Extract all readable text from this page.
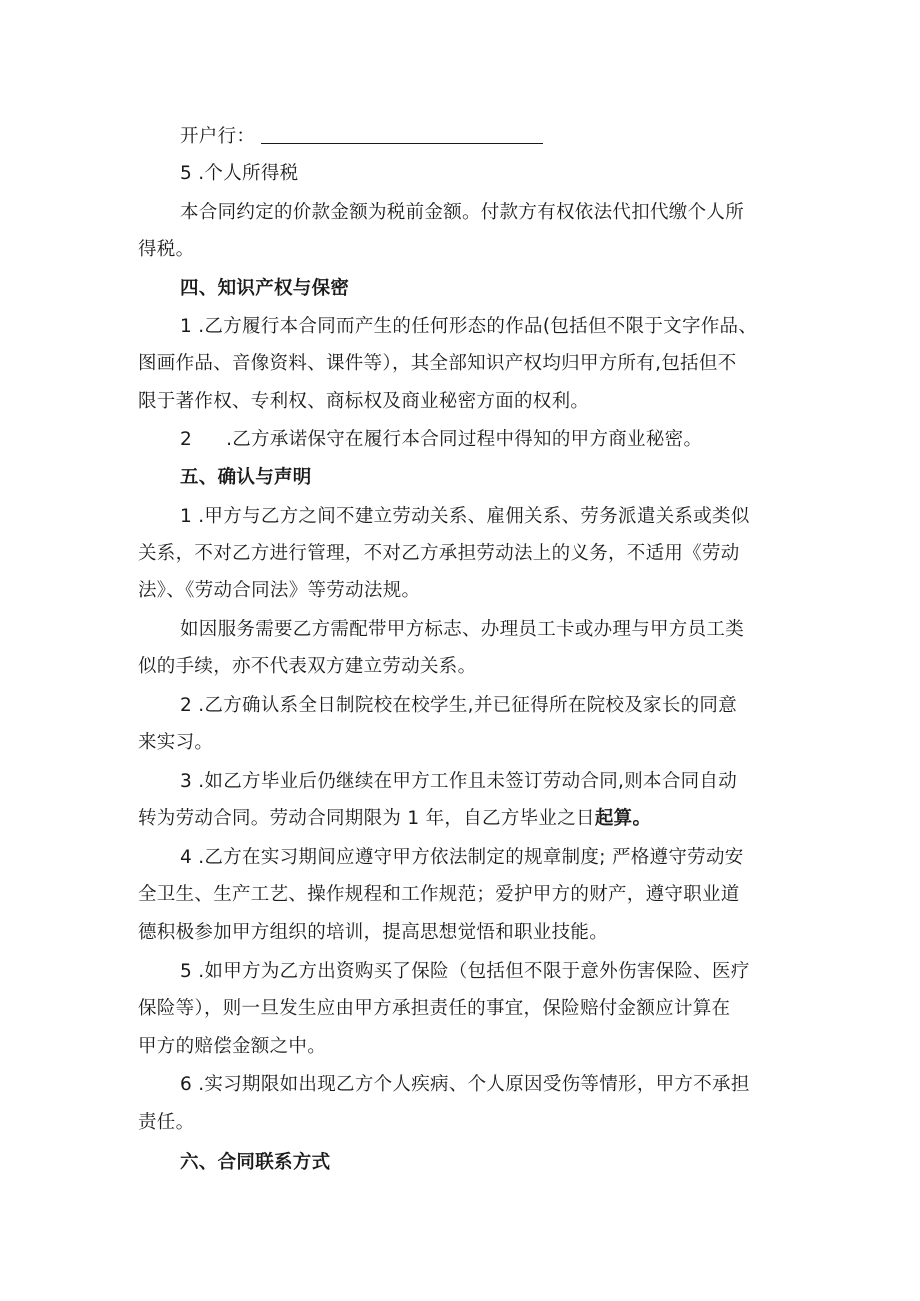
开户行：
5 .个人所得税
本合同约定的价款金额为税前金额。付款方有权依法代扣代缴个人所
得税。
四、知识产权与保密
1 .乙方履行本合同而产生的任何形态的作品(包括但不限于文字作品、
图画作品、音像资料、课件等），其全部知识产权均归甲方所有,包括但不
限于著作权、专利权、商标权及商业秘密方面的权利。
2 .乙方承诺保守在履行本合同过程中得知的甲方商业秘密。
五、确认与声明
1 .甲方与乙方之间不建立劳动关系、雇佣关系、劳务派遣关系或类似
关系，不对乙方进行管理，不对乙方承担劳动法上的义务，不适用《劳动
法》、《劳动合同法》等劳动法规。
如因服务需要乙方需配带甲方标志、办理员工卡或办理与甲方员工类
似的手续，亦不代表双方建立劳动关系。
2 .乙方确认系全日制院校在校学生,并已征得所在院校及家长的同意
来实习。
3 .如乙方毕业后仍继续在甲方工作且未签订劳动合同,则本合同自动
转为劳动合同。劳动合同期限为 1 年，自乙方毕业之日起算。
4 .乙方在实习期间应遵守甲方依法制定的规章制度; 严格遵守劳动安
全卫生、生产工艺、操作规程和工作规范；爱护甲方的财产，遵守职业道
德积极参加甲方组织的培训，提高思想觉悟和职业技能。
5 .如甲方为乙方出资购买了保险（包括但不限于意外伤害保险、医疗
保险等），则一旦发生应由甲方承担责任的事宜，保险赔付金额应计算在
甲方的赔偿金额之中。
6 .实习期限如出现乙方个人疾病、个人原因受伤等情形，甲方不承担
责任。
六、合同联系方式
